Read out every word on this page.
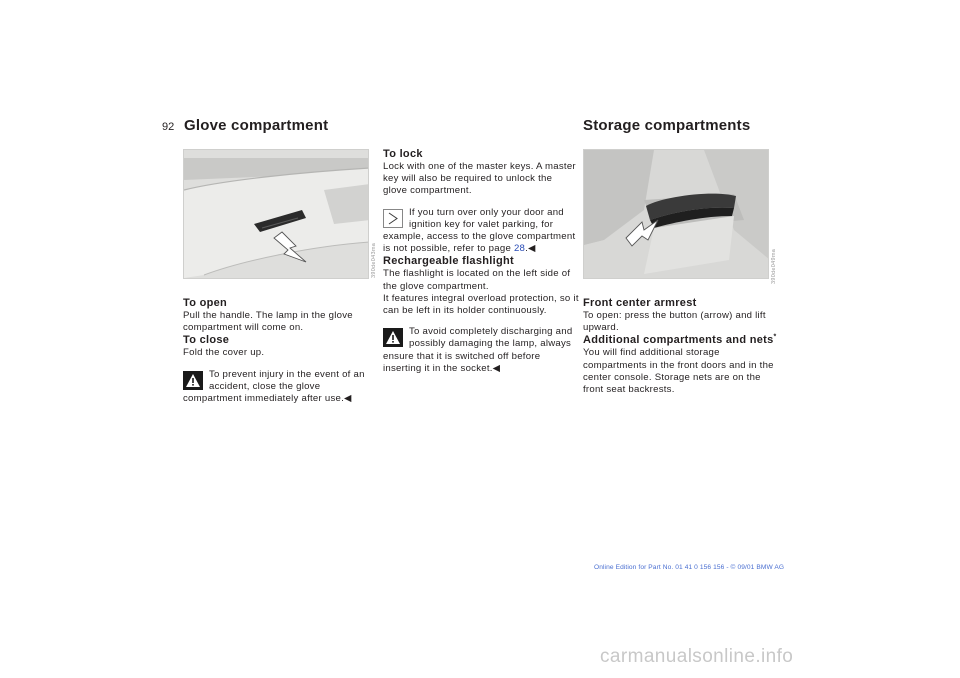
92 Glove compartment	Storage compartments
390de043ma	390de049ma

To open

Pull the handle. The lamp in the glove compartment will come on.

To close

Fold the cover up.

To prevent injury in the event of an accident, close the glove compartment immediately after use.◀

To lock

Lock with one of the master keys. A master key will also be required to unlock the glove compartment.

If you turn over only your door and ignition key for valet parking, for example, access to the glove compartment is not possible, refer to page 28.◀

Rechargeable flashlight

The flashlight is located on the left side of the glove compartment.

It features integral overload protection, so it can be left in its holder continuously.

To avoid completely discharging and possibly damaging the lamp, always ensure that it is switched off before inserting it in the socket.◀

Front center armrest

To open: press the button (arrow) and lift upward.

Additional compartments and nets*

You will find additional storage compartments in the front doors and in the center console. Storage nets are on the front seat backrests.

Online Edition for Part No. 01 41 0 156 156 - © 09/01 BMW AG
carmanualsonline.info
